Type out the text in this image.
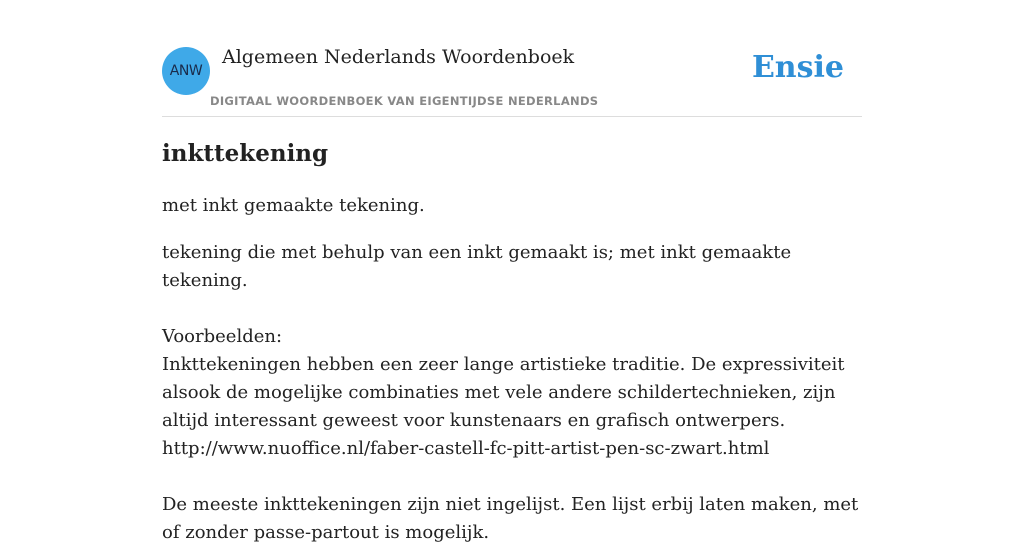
ANW
Algemeen Nederlands Woordenboek
DIGITAAL WOORDENBOEK VAN EIGENTIJDSE NEDERLANDS
Ensie
inkttekening

met inkt gemaakte tekening.

tekening die met behulp van een inkt gemaakt is; met inkt gemaakte tekening.

Voorbeelden:
Inkttekeningen hebben een zeer lange artistieke traditie. De expressiviteit alsook de mogelijke combinaties met vele andere schildertechnieken, zijn altijd interessant geweest voor kunstenaars en grafisch ontwerpers.
http://www.nuoffice.nl/faber-castell-fc-pitt-artist-pen-sc-zwart.html
De meeste inkttekeningen zijn niet ingelijst. Een lijst erbij laten maken, met of zonder passe-partout is mogelijk.
